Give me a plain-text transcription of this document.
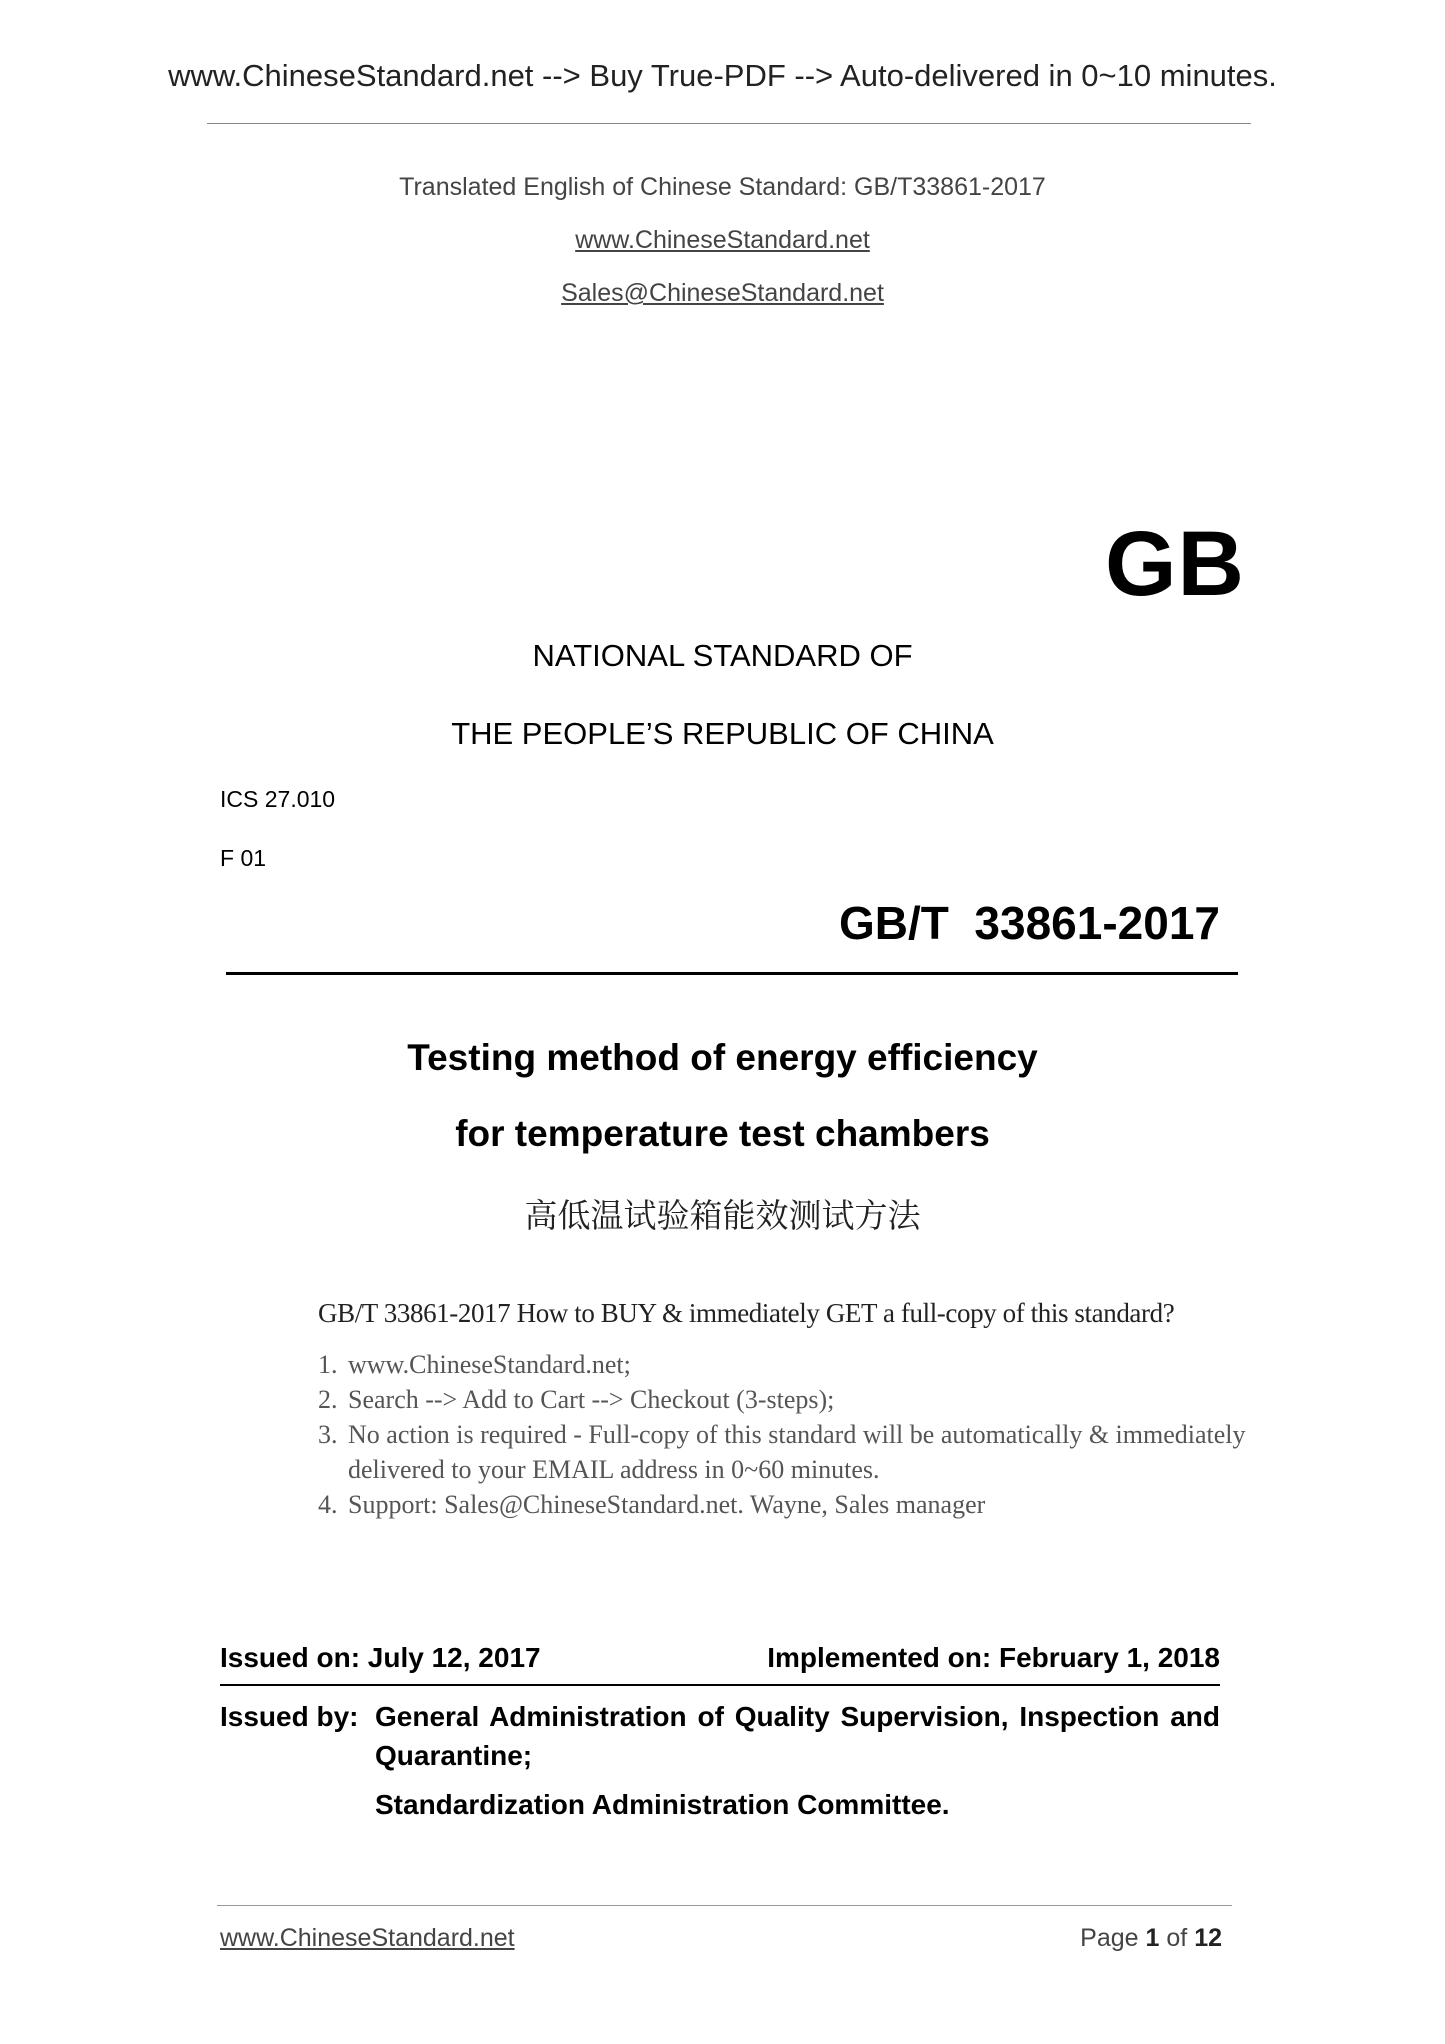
www.ChineseStandard.net --> Buy True-PDF --> Auto-delivered in 0~10 minutes.
Translated English of Chinese Standard: GB/T33861-2017
www.ChineseStandard.net
Sales@ChineseStandard.net
GB
NATIONAL STANDARD OF
THE PEOPLE’S REPUBLIC OF CHINA
ICS 27.010
F 01
GB/T  33861-2017
Testing method of energy efficiency
for temperature test chambers
高低温试验箱能效测试方法
GB/T 33861-2017 How to BUY & immediately GET a full-copy of this standard?
1. www.ChineseStandard.net;
2. Search --> Add to Cart --> Checkout (3-steps);
3. No action is required - Full-copy of this standard will be automatically & immediately delivered to your EMAIL address in 0~60 minutes.
4. Support: Sales@ChineseStandard.net. Wayne, Sales manager
Issued on: July 12, 2017	Implemented on: February 1, 2018
Issued by: General Administration of Quality Supervision, Inspection and Quarantine;
Standardization Administration Committee.
www.ChineseStandard.net	Page 1 of 12
